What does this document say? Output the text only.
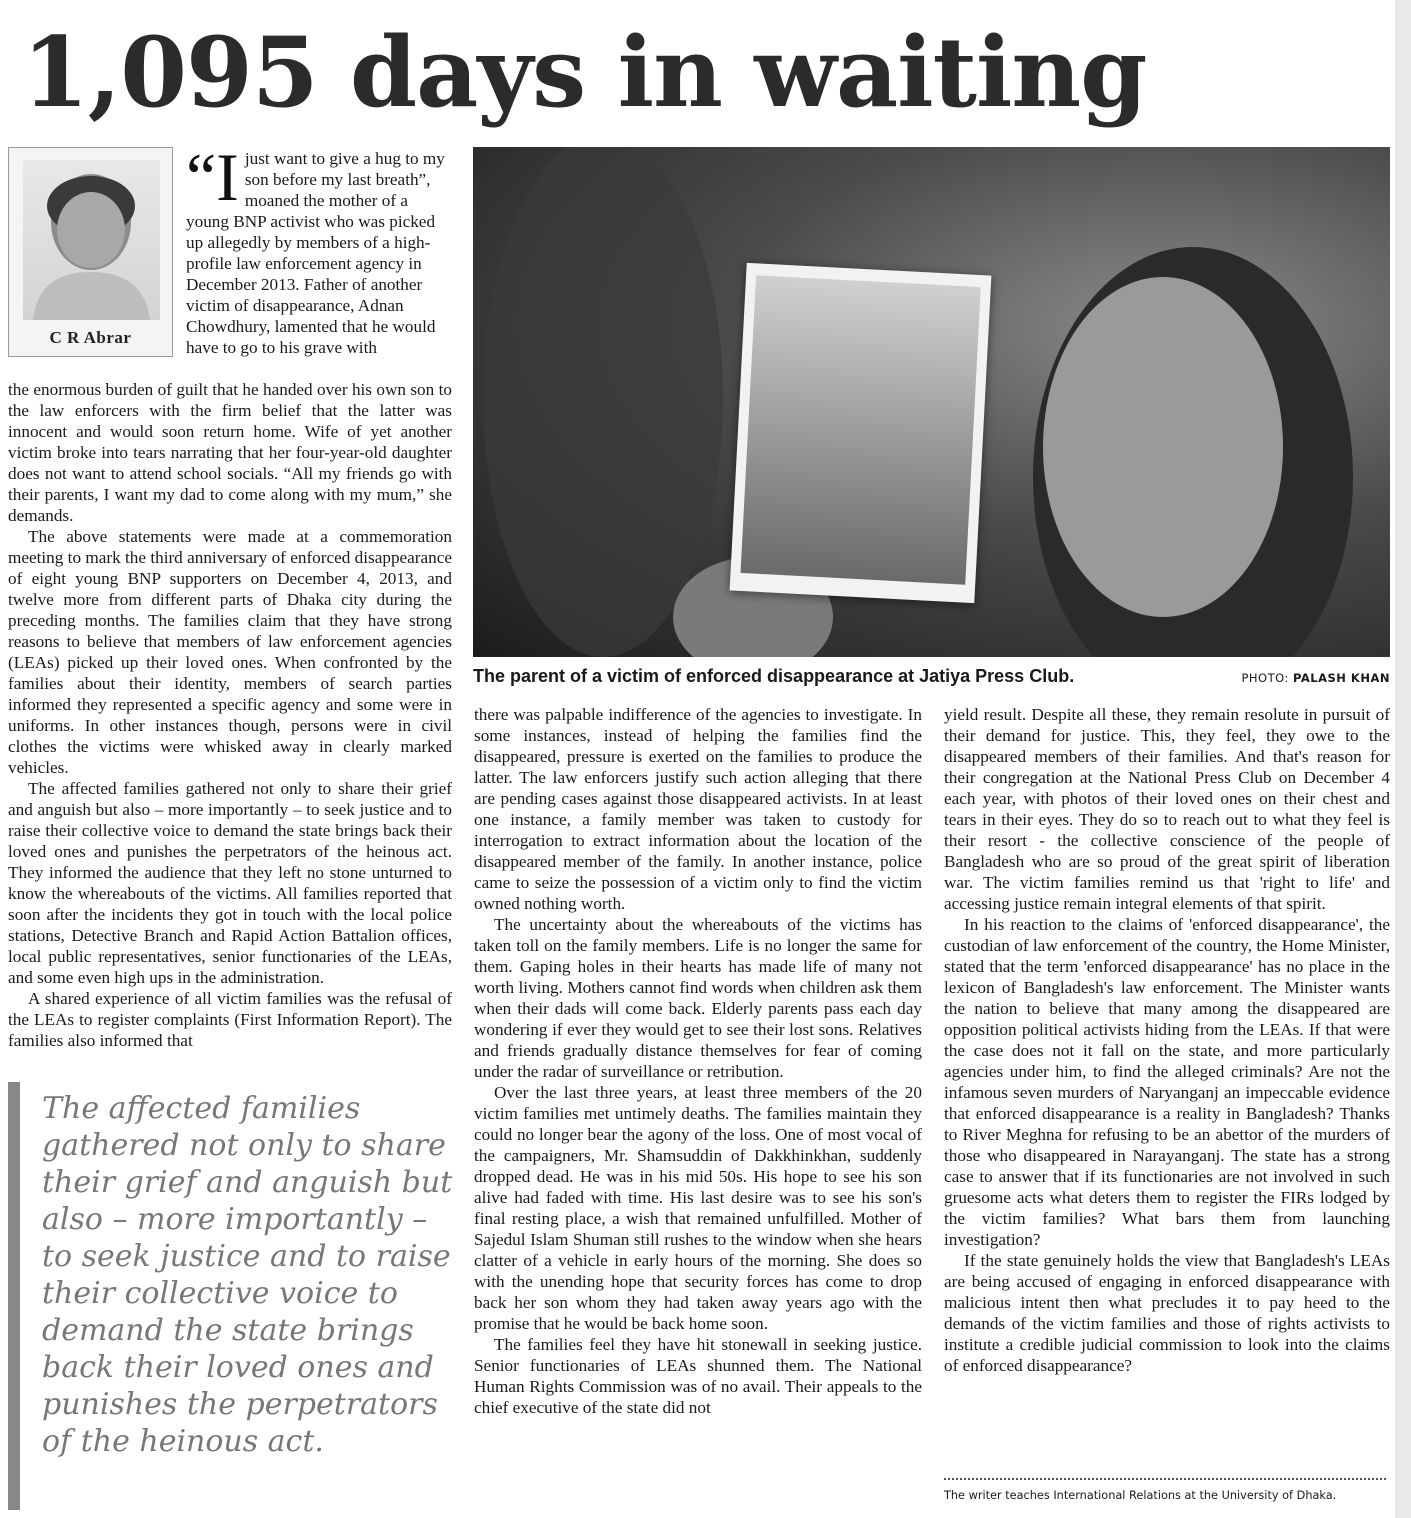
1,095 days in waiting
C R Abrar
“I just want to give a hug to my son before my last breath”, moaned the mother of a young BNP activist who was picked up allegedly by members of a high-profile law enforcement agency in December 2013. Father of another victim of disappearance, Adnan Chowdhury, lamented that he would have to go to his grave with

the enormous burden of guilt that he handed over his own son to the law enforcers with the firm belief that the latter was innocent and would soon return home. Wife of yet another victim broke into tears narrating that her four-year-old daughter does not want to attend school socials. “All my friends go with their parents, I want my dad to come along with my mum,” she demands.

The above statements were made at a commemoration meeting to mark the third anniversary of enforced disappearance of eight young BNP supporters on December 4, 2013, and twelve more from different parts of Dhaka city during the preceding months. The families claim that they have strong reasons to believe that members of law enforcement agencies (LEAs) picked up their loved ones. When confronted by the families about their identity, members of search parties informed they represented a specific agency and some were in uniforms. In other instances though, persons were in civil clothes the victims were whisked away in clearly marked vehicles.

The affected families gathered not only to share their grief and anguish but also – more importantly – to seek justice and to raise their collective voice to demand the state brings back their loved ones and punishes the perpetrators of the heinous act. They informed the audience that they left no stone unturned to know the whereabouts of the victims. All families reported that soon after the incidents they got in touch with the local police stations, Detective Branch and Rapid Action Battalion offices, local public representatives, senior functionaries of the LEAs, and some even high ups in the administration.

A shared experience of all victim families was the refusal of the LEAs to register complaints (First Information Report). The families also informed that

The affected families gathered not only to share their grief and anguish but also – more importantly – to seek justice and to raise their collective voice to demand the state brings back their loved ones and punishes the perpetrators of the heinous act.

The parent of a victim of enforced disappearance at Jatiya Press Club.	PHOTO: PALASH KHAN

there was palpable indifference of the agencies to investigate. In some instances, instead of helping the families find the disappeared, pressure is exerted on the families to produce the latter. The law enforcers justify such action alleging that there are pending cases against those disappeared activists. In at least one instance, a family member was taken to custody for interrogation to extract information about the location of the disappeared member of the family. In another instance, police came to seize the possession of a victim only to find the victim owned nothing worth.

The uncertainty about the whereabouts of the victims has taken toll on the family members. Life is no longer the same for them. Gaping holes in their hearts has made life of many not worth living. Mothers cannot find words when children ask them when their dads will come back. Elderly parents pass each day wondering if ever they would get to see their lost sons. Relatives and friends gradually distance themselves for fear of coming under the radar of surveillance or retribution.

Over the last three years, at least three members of the 20 victim families met untimely deaths. The families maintain they could no longer bear the agony of the loss. One of most vocal of the campaigners, Mr. Shamsuddin of Dakkhinkhan, suddenly dropped dead. He was in his mid 50s. His hope to see his son alive had faded with time. His last desire was to see his son's final resting place, a wish that remained unfulfilled. Mother of Sajedul Islam Shuman still rushes to the window when she hears clatter of a vehicle in early hours of the morning. She does so with the unending hope that security forces has come to drop back her son whom they had taken away years ago with the promise that he would be back home soon.

The families feel they have hit stonewall in seeking justice. Senior functionaries of LEAs shunned them. The National Human Rights Commission was of no avail. Their appeals to the chief executive of the state did not

yield result. Despite all these, they remain resolute in pursuit of their demand for justice. This, they feel, they owe to the disappeared members of their families. And that's reason for their congregation at the National Press Club on December 4 each year, with photos of their loved ones on their chest and tears in their eyes. They do so to reach out to what they feel is their resort - the collective conscience of the people of Bangladesh who are so proud of the great spirit of liberation war. The victim families remind us that 'right to life' and accessing justice remain integral elements of that spirit.

In his reaction to the claims of 'enforced disappearance', the custodian of law enforcement of the country, the Home Minister, stated that the term 'enforced disappearance' has no place in the lexicon of Bangladesh's law enforcement. The Minister wants the nation to believe that many among the disappeared are opposition political activists hiding from the LEAs. If that were the case does not it fall on the state, and more particularly agencies under him, to find the alleged criminals? Are not the infamous seven murders of Naryanganj an impeccable evidence that enforced disappearance is a reality in Bangladesh? Thanks to River Meghna for refusing to be an abettor of the murders of those who disappeared in Narayanganj. The state has a strong case to answer that if its functionaries are not involved in such gruesome acts what deters them to register the FIRs lodged by the victim families? What bars them from launching investigation?

If the state genuinely holds the view that Bangladesh's LEAs are being accused of engaging in enforced disappearance with malicious intent then what precludes it to pay heed to the demands of the victim families and those of rights activists to institute a credible judicial commission to look into the claims of enforced disappearance?

The writer teaches International Relations at the University of Dhaka.
